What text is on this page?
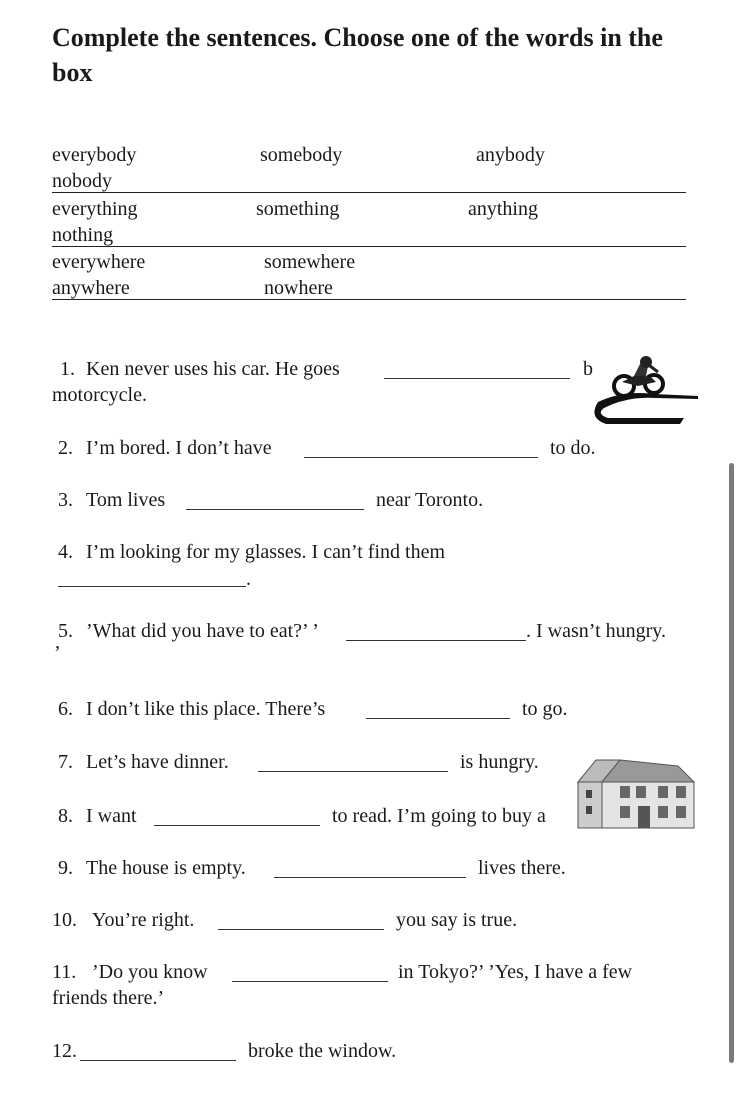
Complete the sentences. Choose one of the words in the box
everybody	somebody	anybody
nobody
everything	something	anything
nothing
everywhere	somewhere
anywhere	nowhere
1. Ken never uses his car. He goes	b
motorcycle.
2. I’m bored. I don’t have	to do.
3. Tom lives	near Toronto.
4. I’m looking for my glasses. I can’t find them
.
5. ’What did you have to eat?’ ’	. I wasn’t hungry.
’
6. I don’t like this place. There’s	to go.
7. Let’s have dinner.	is hungry.
8. I want	to read. I’m going to buy a
9. The house is empty.	lives there.
10. You’re right.	you say is true.
11. ’Do you know	in Tokyo?’ ’Yes, I have a few
friends there.’
12.	broke the window.
